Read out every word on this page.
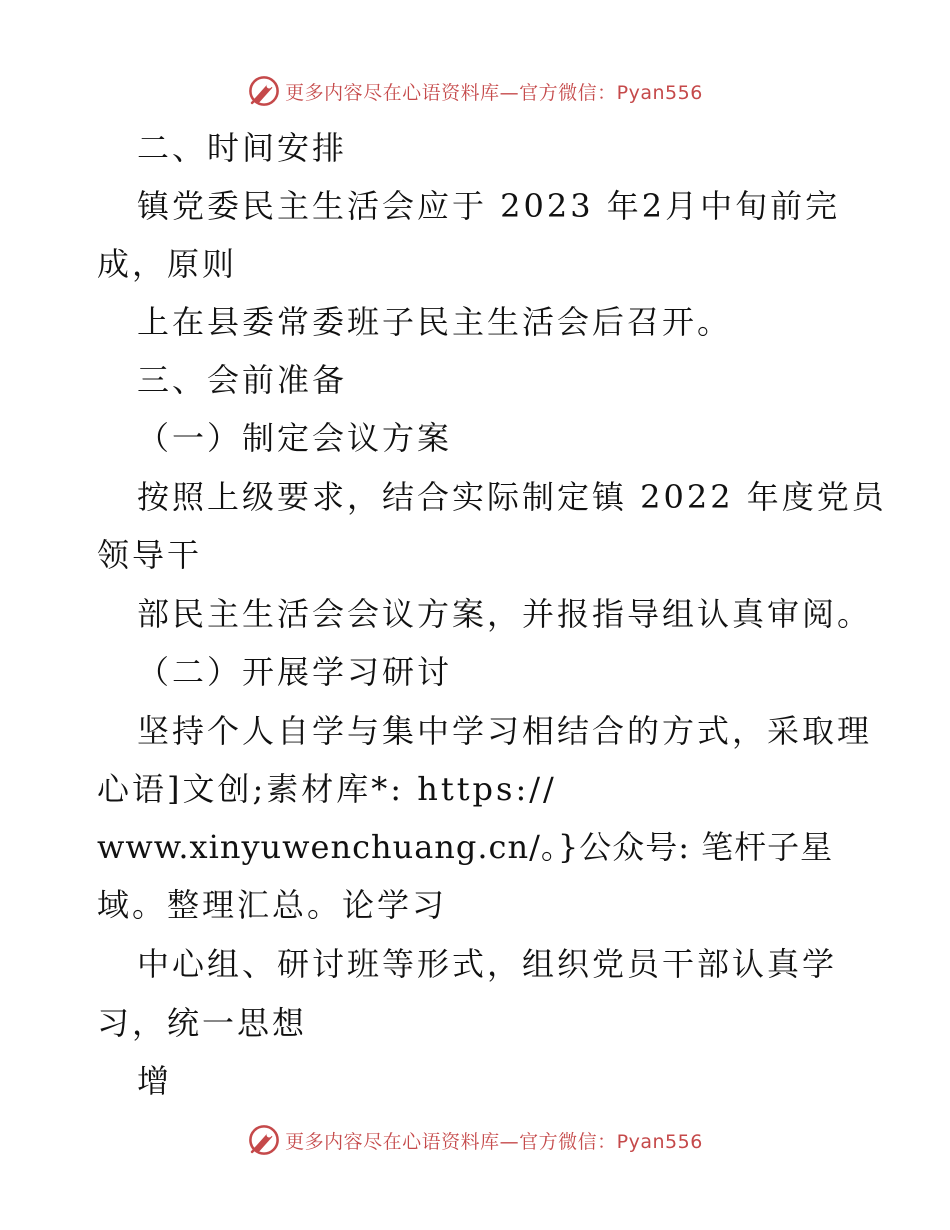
更多内容尽在心语资料库—官方微信：Pyan556
二、时间安排
镇党委民主生活会应于 2023 年2月中旬前完
成，原则
上在县委常委班子民主生活会后召开。
三、会前准备
（一）制定会议方案
按照上级要求，结合实际制定镇 2022 年度党员
领导干
部民主生活会会议方案，并报指导组认真审阅。
（二）开展学习研讨
坚持个人自学与集中学习相结合的方式，采取理
心语]文创;素材库*: https://
www.xinyuwenchuang.cn/。}公众号: 笔杆子星
域。整理汇总。论学习
中心组、研讨班等形式，组织党员干部认真学
习，统一思想
增
更多内容尽在心语资料库—官方微信：Pyan556
